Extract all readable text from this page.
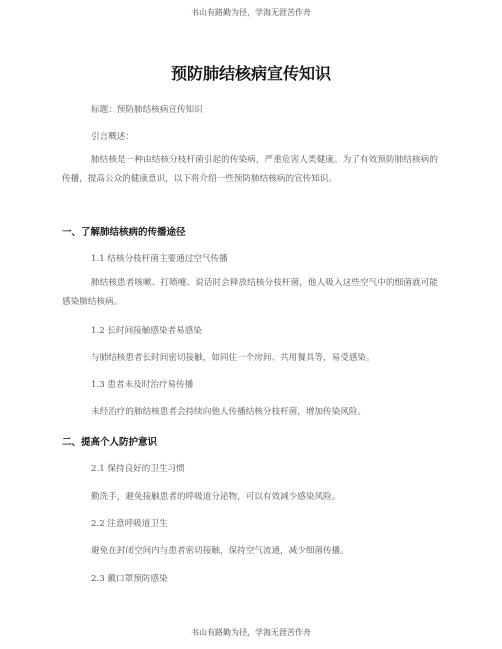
书山有路勤为径，学海无涯苦作舟
预防肺结核病宣传知识
标题：预防肺结核病宣传知识
引言概述：
肺结核是一种由结核分枝杆菌引起的传染病，严重危害人类健康。为了有效预防肺结核病的传播，提高公众的健康意识，以下将介绍一些预防肺结核病的宣传知识。
一、了解肺结核病的传播途径
1.1 结核分枝杆菌主要通过空气传播
肺结核患者咳嗽、打喷嚏、说话时会释放结核分枝杆菌，他人吸入这些空气中的细菌就可能感染肺结核病。
1.2 长时间接触感染者易感染
与肺结核患者长时间密切接触，如同住一个房间、共用餐具等，易受感染。
1.3 患者未及时治疗易传播
未经治疗的肺结核患者会持续向他人传播结核分枝杆菌，增加传染风险。
二、提高个人防护意识
2.1 保持良好的卫生习惯
勤洗手，避免接触患者的呼吸道分泌物，可以有效减少感染风险。
2.2 注意呼吸道卫生
避免在封闭空间内与患者密切接触，保持空气流通，减少细菌传播。
2.3 戴口罩预防感染
书山有路勤为径，学海无涯苦作舟
